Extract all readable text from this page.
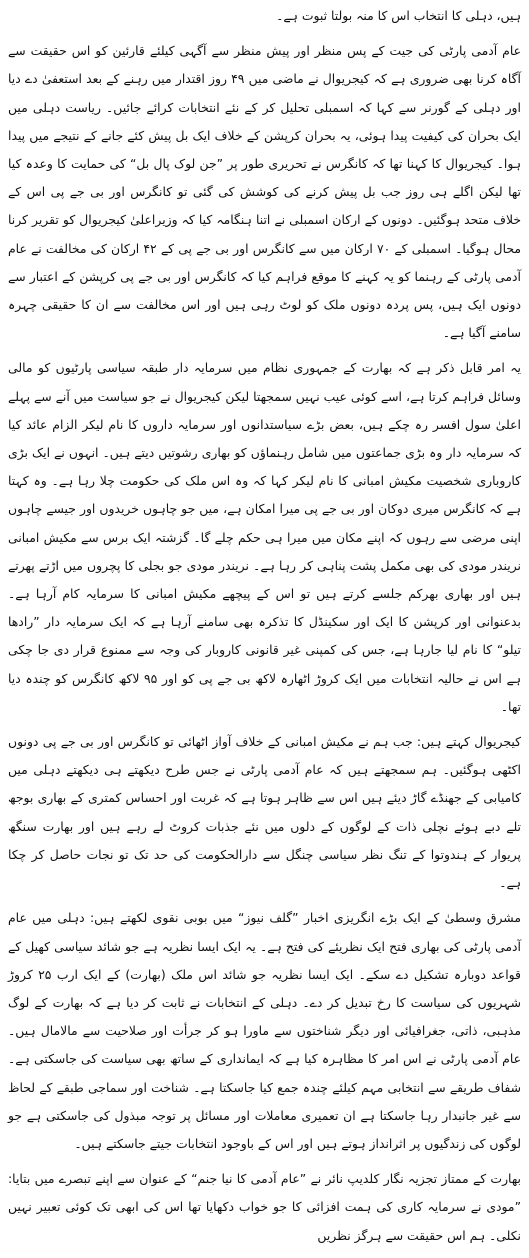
ہیں، دہلی کا انتخاب اس کا منہ بولتا ثبوت ہے۔

عام آدمی پارٹی کی جیت کے پس منظر اور پیش منظر سے آگہی کیلئے قارئین کو اس حقیقت سے آگاہ کرنا بھی ضروری ہے کہ کیجریوال نے ماضی میں ۴۹ روز اقتدار میں رہنے کے بعد استعفیٰ دے دیا اور دہلی کے گورنر سے کہا کہ اسمبلی تحلیل کر کے نئے انتخابات کرائے جائیں۔ ریاست دہلی میں ایک بحران کی کیفیت پیدا ہوئی، یہ بحران کرپشن کے خلاف ایک بل پیش کئے جانے کے نتیجے میں پیدا ہوا۔ کیجریوال کا کہنا تھا کہ کانگرس نے تحریری طور پر ”جن لوک پال بل“ کی حمایت کا وعدہ کیا تھا لیکن اگلے ہی روز جب بل پیش کرنے کی کوشش کی گئی تو کانگرس اور بی جے پی اس کے خلاف متحد ہوگئیں۔ دونوں کے ارکان اسمبلی نے اتنا ہنگامہ کیا کہ وزیراعلیٰ کیجریوال کو تقریر کرنا محال ہوگیا۔ اسمبلی کے ۷۰ ارکان میں سے کانگرس اور بی جے پی کے ۴۲ ارکان کی مخالفت نے عام آدمی پارٹی کے رہنما کو یہ کہنے کا موقع فراہم کیا کہ کانگرس اور بی جے پی کرپشن کے اعتبار سے دونوں ایک ہیں، پس پردہ دونوں ملک کو لوٹ رہی ہیں اور اس مخالفت سے ان کا حقیقی چہرہ سامنے آگیا ہے۔

یہ امر قابل ذکر ہے کہ بھارت کے جمہوری نظام میں سرمایہ دار طبقہ سیاسی پارٹیوں کو مالی وسائل فراہم کرتا ہے، اسے کوئی عیب نہیں سمجھتا لیکن کیجریوال نے جو سیاست میں آنے سے پہلے اعلیٰ سول افسر رہ چکے ہیں، بعض بڑے سیاستدانوں اور سرمایہ داروں کا نام لیکر الزام عائد کیا کہ سرمایہ دار وہ بڑی جماعتوں میں شامل رہنماؤں کو بھاری رشوتیں دیتے ہیں۔ انہوں نے ایک بڑی کاروباری شخصیت مکیش امبانی کا نام لیکر کہا کہ وہ اس ملک کی حکومت چلا رہا ہے۔ وہ کہتا ہے کہ کانگرس میری دوکان اور بی جے پی میرا امکان ہے، میں جو چاہوں خریدوں اور جیسے چاہوں اپنی مرضی سے رہوں کہ اپنے مکان میں میرا ہی حکم چلے گا۔ گزشتہ ایک برس سے مکیش امبانی نریندر مودی کی بھی مکمل پشت پناہی کر رہا ہے۔ نریندر مودی جو بجلی کا پچروں میں اڑتے پھرتے ہیں اور بھاری بھرکم جلسے کرتے ہیں تو اس کے پیچھے مکیش امبانی کا سرمایہ کام آرہا ہے۔ بدعنوانی اور کرپشن کا ایک اور سکینڈل کا تذکرہ بھی سامنے آرہا ہے کہ ایک سرمایہ دار ”رادھا تیلو“ کا نام لیا جارہا ہے، جس کی کمپنی غیر قانونی کاروبار کی وجہ سے ممنوع قرار دی جا چکی ہے اس نے حالیہ انتخابات میں ایک کروڑ اٹھارہ لاکھ بی جے پی کو اور ۹۵ لاکھ کانگرس کو چندہ دیا تھا۔

کیجریوال کہتے ہیں: جب ہم نے مکیش امبانی کے خلاف آواز اٹھائی تو کانگرس اور بی جے پی دونوں اکٹھی ہوگئیں۔ ہم سمجھتے ہیں کہ عام آدمی پارٹی نے جس طرح دیکھتے ہی دیکھتے دہلی میں کامیابی کے جھنڈے گاڑ دیئے ہیں اس سے ظاہر ہوتا ہے کہ غربت اور احساس کمتری کے بھاری بوجھ تلے دبے ہوئے نچلی ذات کے لوگوں کے دلوں میں نئے جذبات کروٹ لے رہے ہیں اور بھارت سنگھ پریوار کے ہندوتوا کے تنگ نظر سیاسی چنگل سے دارالحکومت کی حد تک تو نجات حاصل کر چکا ہے۔

مشرق وسطیٰ کے ایک بڑے انگریزی اخبار ”گلف نیوز“ میں بوبی نقوی لکھتے ہیں: دہلی میں عام آدمی پارٹی کی بھاری فتح ایک نظریئے کی فتح ہے۔ یہ ایک ایسا نظریہ ہے جو شائد سیاسی کھیل کے قواعد دوبارہ تشکیل دے سکے۔ ایک ایسا نظریہ جو شائد اس ملک (بھارت) کے ایک ارب ۲۵ کروڑ شہریوں کی سیاست کا رخ تبدیل کر دے۔ دہلی کے انتخابات نے ثابت کر دیا ہے کہ بھارت کے لوگ مذہبی، ذاتی، جغرافیائی اور دیگر شناختوں سے ماورا ہو کر جرأت اور صلاحیت سے مالامال ہیں۔ عام آدمی پارٹی نے اس امر کا مظاہرہ کیا ہے کہ ایمانداری کے ساتھ بھی سیاست کی جاسکتی ہے۔ شفاف طریقے سے انتخابی مہم کیلئے چندہ جمع کیا جاسکتا ہے۔ شناخت اور سماجی طبقے کے لحاظ سے غیر جانبدار رہا جاسکتا ہے ان تعمیری معاملات اور مسائل پر توجہ مبذول کی جاسکتی ہے جو لوگوں کی زندگیوں پر اثرانداز ہوتے ہیں اور اس کے باوجود انتخابات جیتے جاسکتے ہیں۔

بھارت کے ممتاز تجزیہ نگار کلدیپ نائر نے ”عام آدمی کا نیا جنم“ کے عنوان سے اپنے تبصرے میں بتایا: ”مودی نے سرمایہ کاری کی ہمت افزائی کا جو خواب دکھایا تھا اس کی ابھی تک کوئی تعبیر نہیں نکلی۔ ہم اس حقیقت سے ہرگز نظریں
